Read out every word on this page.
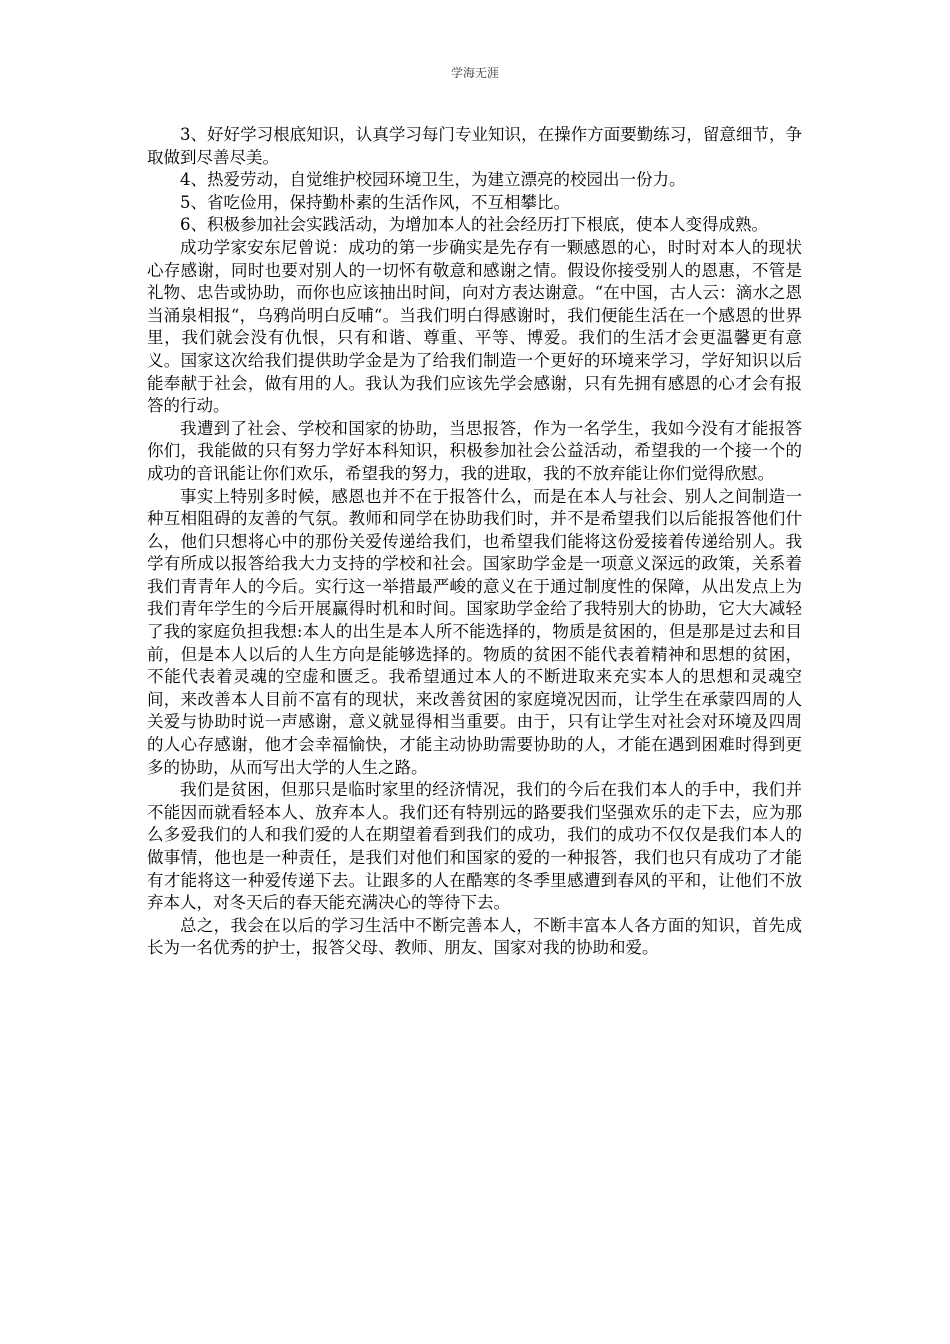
学海无涯

3、好好学习根底知识，认真学习每门专业知识，在操作方面要勤练习，留意细节，争取做到尽善尽美。

4、热爱劳动，自觉维护校园环境卫生，为建立漂亮的校园出一份力。

5、省吃俭用，保持勤朴素的生活作风，不互相攀比。

6、积极参加社会实践活动，为增加本人的社会经历打下根底，使本人变得成熟。

成功学家安东尼曾说：成功的第一步确实是先存有一颗感恩的心，时时对本人的现状心存感谢，同时也要对别人的一切怀有敬意和感谢之情。假设你接受别人的恩惠，不管是礼物、忠告或协助，而你也应该抽出时间，向对方表达谢意。“在中国，古人云：滴水之恩当涌泉相报“，乌鸦尚明白反哺“。当我们明白得感谢时，我们便能生活在一个感恩的世界里，我们就会没有仇恨，只有和谐、尊重、平等、博爱。我们的生活才会更温馨更有意义。国家这次给我们提供助学金是为了给我们制造一个更好的环境来学习，学好知识以后能奉献于社会，做有用的人。我认为我们应该先学会感谢，只有先拥有感恩的心才会有报答的行动。

我遭到了社会、学校和国家的协助，当思报答，作为一名学生，我如今没有才能报答你们，我能做的只有努力学好本科知识，积极参加社会公益活动，希望我的一个接一个的成功的音讯能让你们欢乐，希望我的努力，我的进取，我的不放弃能让你们觉得欣慰。

事实上特别多时候，感恩也并不在于报答什么，而是在本人与社会、别人之间制造一种互相阻碍的友善的气氛。教师和同学在协助我们时，并不是希望我们以后能报答他们什么，他们只想将心中的那份关爱传递给我们，也希望我们能将这份爱接着传递给别人。我学有所成以报答给我大力支持的学校和社会。国家助学金是一项意义深远的政策，关系着我们青青年人的今后。实行这一举措最严峻的意义在于通过制度性的保障，从出发点上为我们青年学生的今后开展赢得时机和时间。国家助学金给了我特别大的协助，它大大减轻了我的家庭负担我想:本人的出生是本人所不能选择的，物质是贫困的，但是那是过去和目前，但是本人以后的人生方向是能够选择的。物质的贫困不能代表着精神和思想的贫困，不能代表着灵魂的空虚和匮乏。我希望通过本人的不断进取来充实本人的思想和灵魂空间，来改善本人目前不富有的现状，来改善贫困的家庭境况因而，让学生在承蒙四周的人关爱与协助时说一声感谢，意义就显得相当重要。由于，只有让学生对社会对环境及四周的人心存感谢，他才会幸福愉快，才能主动协助需要协助的人，才能在遇到困难时得到更多的协助，从而写出大学的人生之路。

我们是贫困，但那只是临时家里的经济情况，我们的今后在我们本人的手中，我们并不能因而就看轻本人、放弃本人。我们还有特别远的路要我们坚强欢乐的走下去，应为那么多爱我们的人和我们爱的人在期望着看到我们的成功，我们的成功不仅仅是我们本人的做事情，他也是一种责任，是我们对他们和国家的爱的一种报答，我们也只有成功了才能有才能将这一种爱传递下去。让跟多的人在酷寒的冬季里感遭到春风的平和，让他们不放弃本人，对冬天后的春天能充满决心的等待下去。

总之，我会在以后的学习生活中不断完善本人，不断丰富本人各方面的知识，首先成长为一名优秀的护士，报答父母、教师、朋友、国家对我的协助和爱。
